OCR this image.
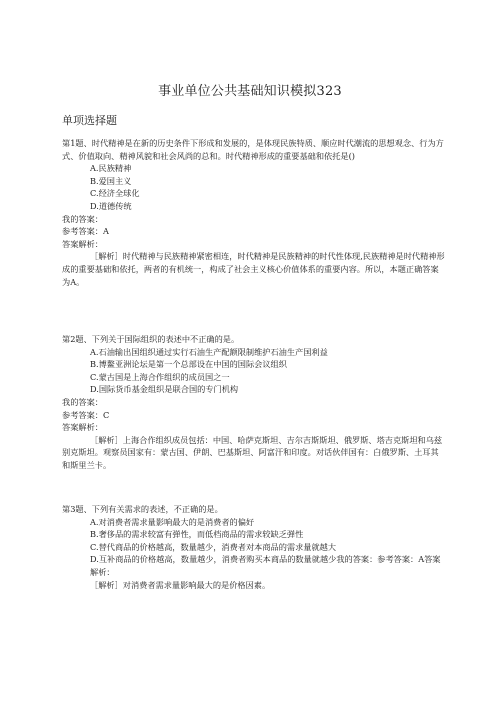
事业单位公共基础知识模拟323
单项选择题

第1题、时代精神是在新的历史条件下形成和发展的，是体现民族特质、顺应时代潮流的思想观念、行为方式、价值取向、精神风貌和社会风尚的总和。时代精神形成的重要基础和依托是()

A.民族精神

B.爱国主义

C.经济全球化

D.道德传统

我的答案：

参考答案：A

答案解析：

［解析］时代精神与民族精神紧密相连，时代精神是民族精神的时代性体现,民族精神是时代精神形成的重要基础和依托，两者的有机统一，构成了社会主义核心价值体系的重要内容。所以，本题正确答案为A。

第2题、下列关于国际组织的表述中不正确的是。

A.石油输出国组织通过实行石油生产配额限制维护石油生产国利益

B.博鳌亚洲论坛是第一个总部设在中国的国际会议组织

C.蒙古国是上海合作组织的成员国之一

D.国际货币基金组织是联合国的专门机构

我的答案：

参考答案：C

答案解析：

［解析］上海合作组织成员包括：中国、哈萨克斯坦、吉尔吉斯斯坦、俄罗斯、塔吉克斯坦和乌兹别克斯坦。观察员国家有：蒙古国、伊朗、巴基斯坦、阿富汗和印度。对话伙伴国有：白俄罗斯、土耳其和斯里兰卡。

第3题、下列有关需求的表述，不正确的是。

A.对消费者需求量影响最大的是消费者的偏好

B.奢侈品的需求较富有弹性，而低档商品的需求较缺乏弹性

C.替代商品的价格越高，数量越少，消费者对本商品的需求量就越大

D.互补商品的价格越高，数量越少，消费者购买本商品的数量就越少我的答案：参考答案：A答案解析：

［解析］对消费者需求量影响最大的是价格因素。
